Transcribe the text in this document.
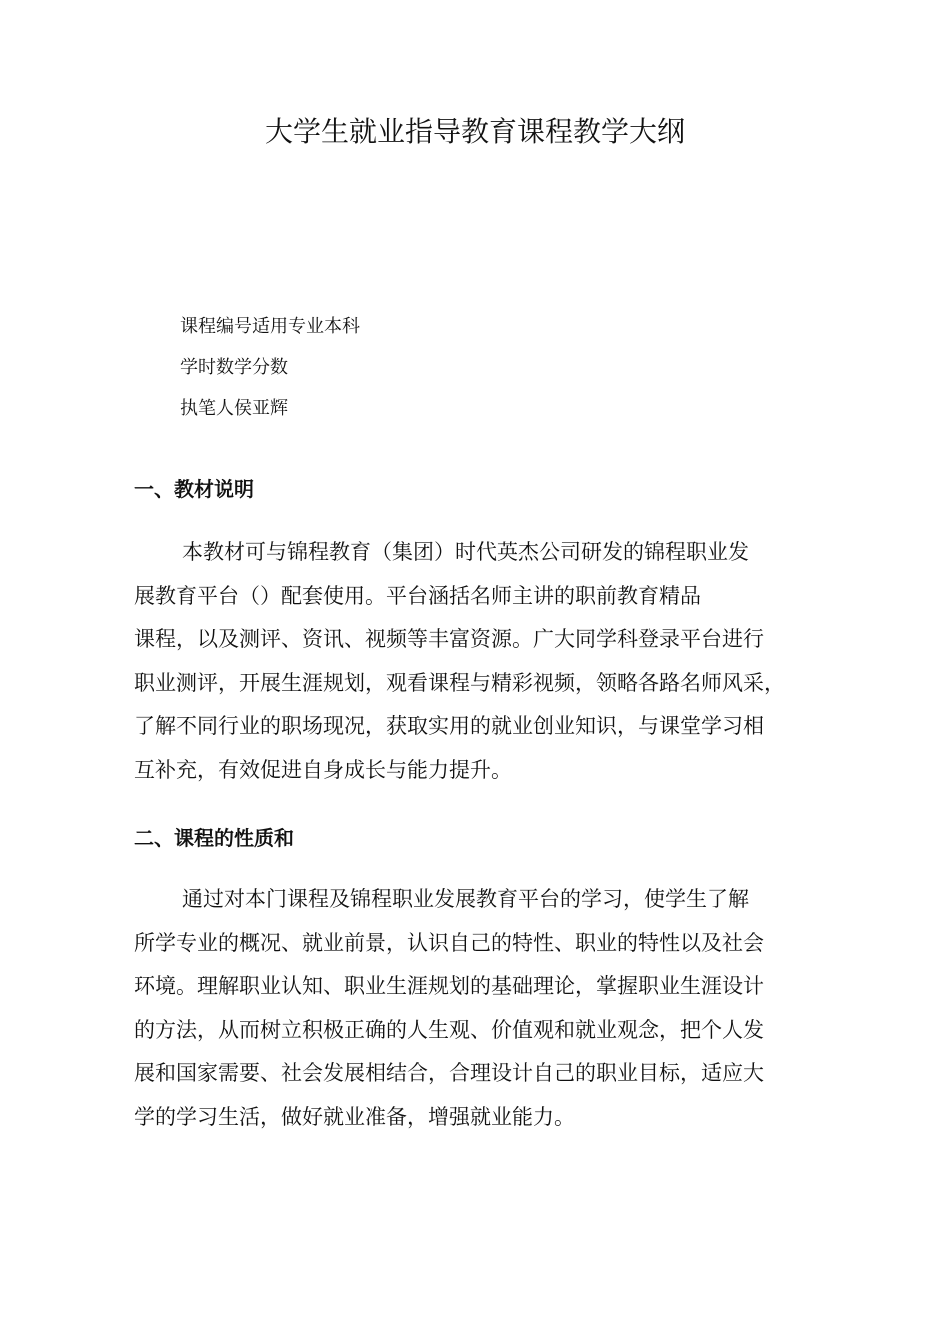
大学生就业指导教育课程教学大纲
课程编号适用专业本科
学时数学分数
执笔人侯亚辉
一、教材说明
本教材可与锦程教育（集团）时代英杰公司研发的锦程职业发
展教育平台（）配套使用。平台涵括名师主讲的职前教育精品
课程，以及测评、资讯、视频等丰富资源。广大同学科登录平台进行
职业测评，开展生涯规划，观看课程与精彩视频，领略各路名师风采，
了解不同行业的职场现况，获取实用的就业创业知识，与课堂学习相
互补充，有效促进自身成长与能力提升。
二、课程的性质和
通过对本门课程及锦程职业发展教育平台的学习，使学生了解
所学专业的概况、就业前景，认识自己的特性、职业的特性以及社会
环境。理解职业认知、职业生涯规划的基础理论，掌握职业生涯设计
的方法，从而树立积极正确的人生观、价值观和就业观念，把个人发
展和国家需要、社会发展相结合，合理设计自己的职业目标，适应大
学的学习生活，做好就业准备，增强就业能力。
